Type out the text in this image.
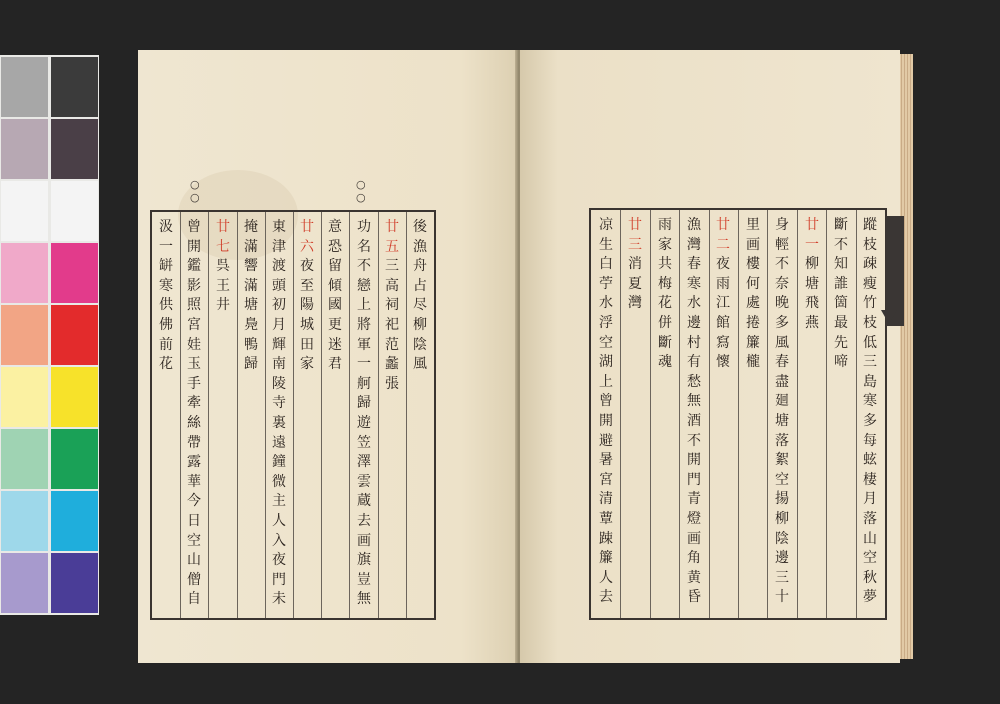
○
○
○
○
後
漁
舟
占
尽
柳
陰
風
廿
五
三
高
祠
祀
范
蠡
張
功
名
不
戀
上
將
軍
一
舸
歸
遊
笠
澤
雲
蔵
去
画
旗
豈
無
意
恐
留
傾
國
更
迷
君
廿
六
夜
至
陽
城
田
家
東
津
渡
頭
初
月
輝
南
陵
寺
裏
遠
鐘
微
主
人
入
夜
門
未
掩
滿
響
滿
塘
鳧
鴨
歸
廿
七
呉
王
井
曾
開
鑑
影
照
宮
娃
玉
手
牽
絲
帶
露
華
今
日
空
山
僧
自
汲
一
缾
寒
供
佛
前
花
蹤
枝
疎
瘦
竹
枝
低
三
島
寒
多
每
蚿
棲
月
落
山
空
秋
夢
斷
不
知
誰
箇
最
先
啼
廿
一
柳
塘
飛
燕
身
輕
不
奈
晚
多
風
春
盡
廻
塘
落
絮
空
揚
柳
陰
邊
三
十
里
画
樓
何
處
捲
簾
櫳
廿
二
夜
雨
江
館
寫
懷
漁
灣
春
寒
水
邊
村
有
愁
無
酒
不
開
門
青
燈
画
角
黄
昏
雨
家
共
梅
花
併
斷
魂
廿
三
消
夏
灣
凉
生
白
苧
水
浮
空
湖
上
曾
開
避
暑
宮
清
蕈
踈
簾
人
去
